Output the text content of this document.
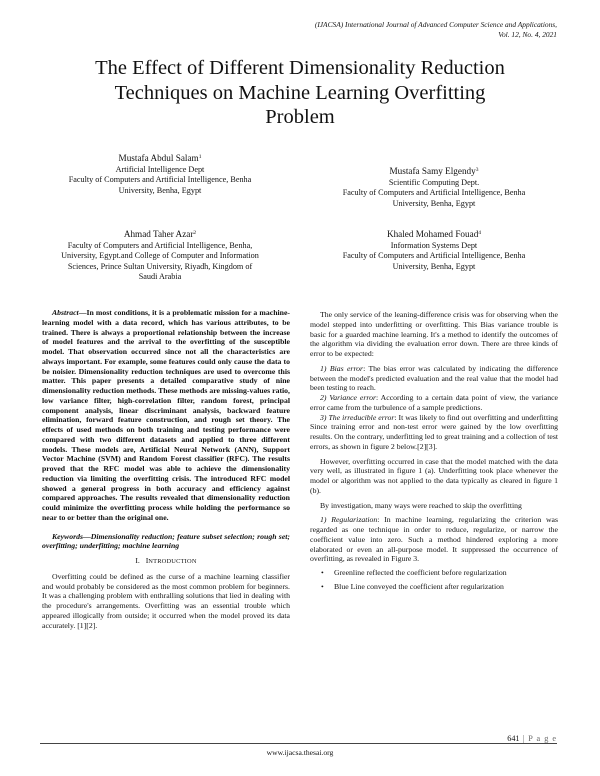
(IJACSA) International Journal of Advanced Computer Science and Applications,
Vol. 12, No. 4, 2021
The Effect of Different Dimensionality Reduction
Techniques on Machine Learning Overfitting
Problem
Mustafa Abdul Salam$^1$
Artificial Intelligence Dept
Faculty of Computers and Artificial Intelligence, Benha
University, Benha, Egypt
Mustafa Samy Elgendy$^3$
Scientific Computing Dept.
Faculty of Computers and Artificial Intelligence, Benha
University, Benha, Egypt
Ahmad Taher Azar$^2$
Faculty of Computers and Artificial Intelligence, Benha,
University, Egypt.and College of Computer and Information
Sciences, Prince Sultan University, Riyadh, Kingdom of
Saudi Arabia
Khaled Mohamed Fouad$^4$
Information Systems Dept
Faculty of Computers and Artificial Intelligence, Benha
University, Benha, Egypt

Abstract—In most conditions, it is a problematic mission for a machine-learning model with a data record, which has various attributes, to be trained. There is always a proportional relationship between the increase of model features and the arrival to the overfitting of the susceptible model. That observation occurred since not all the characteristics are always important. For example, some features could only cause the data to be noisier. Dimensionality reduction techniques are used to overcome this matter. This paper presents a detailed comparative study of nine dimensionality reduction methods. These methods are missing-values ratio, low variance filter, high-correlation filter, random forest, principal component analysis, linear discriminant analysis, backward feature elimination, forward feature construction, and rough set theory. The effects of used methods on both training and testing performance were compared with two different datasets and applied to three different models. These models are, Artificial Neural Network (ANN), Support Vector Machine (SVM) and Random Forest classifier (RFC). The results proved that the RFC model was able to achieve the dimensionality reduction via limiting the overfitting crisis. The introduced RFC model showed a general progress in both accuracy and efficiency against compared approaches. The results revealed that dimensionality reduction could minimize the overfitting process while holding the performance so near to or better than the original one.

Keywords—Dimensionality reduction; feature subset selection; rough set; overfitting; underfitting; machine learning

I. INTRODUCTION

Overfitting could be defined as the curse of a machine learning classifier and would probably be considered as the most common problem for beginners. It was a challenging problem with enthralling solutions that lied in dealing with the procedure's arrangements. Overfitting was an essential trouble which appeared illogically from outside; it occurred when the model proved its data accurately. [1][2].

The only service of the leaning-difference crisis was for observing when the model stepped into underfitting or overfitting. This Bias variance trouble is basic for a guarded machine learning. It's a method to identify the outcomes of the algorithm via dividing the evaluation error down. There are three kinds of error to be expected:

1) Bias error: The bias error was calculated by indicating the difference between the model's predicted evaluation and the real value that the model had been testing to reach.

2) Variance error: According to a certain data point of view, the variance error came from the turbulence of a sample predictions.

3) The irreducible error: It was likely to find out overfitting and underfitting Since training error and non-test error were gained by the low overfitting results. On the contrary, underfitting led to great training and a collection of test errors, as shown in figure 2 below.[2][3].

However, overfitting occurred in case that the model matched with the data very well, as illustrated in figure 1 (a). Underfitting took place whenever the model or algorithm was not applied to the data typically as cleared in figure 1 (b).

By investigation, many ways were reached to skip the overfitting

1) Regularization: In machine learning, regularizing the criterion was regarded as one technique in order to reduce, regularize, or narrow the coefficient value into zero. Such a method hindered exploring a more elaborated or even an all-purpose model. It suppressed the occurrence of overfitting, as revealed in Figure 3.

• Greenline reflected the coefficient before regularization

• Blue Line conveyed the coefficient after regularization

641 | P a g e
www.ijacsa.thesai.org
